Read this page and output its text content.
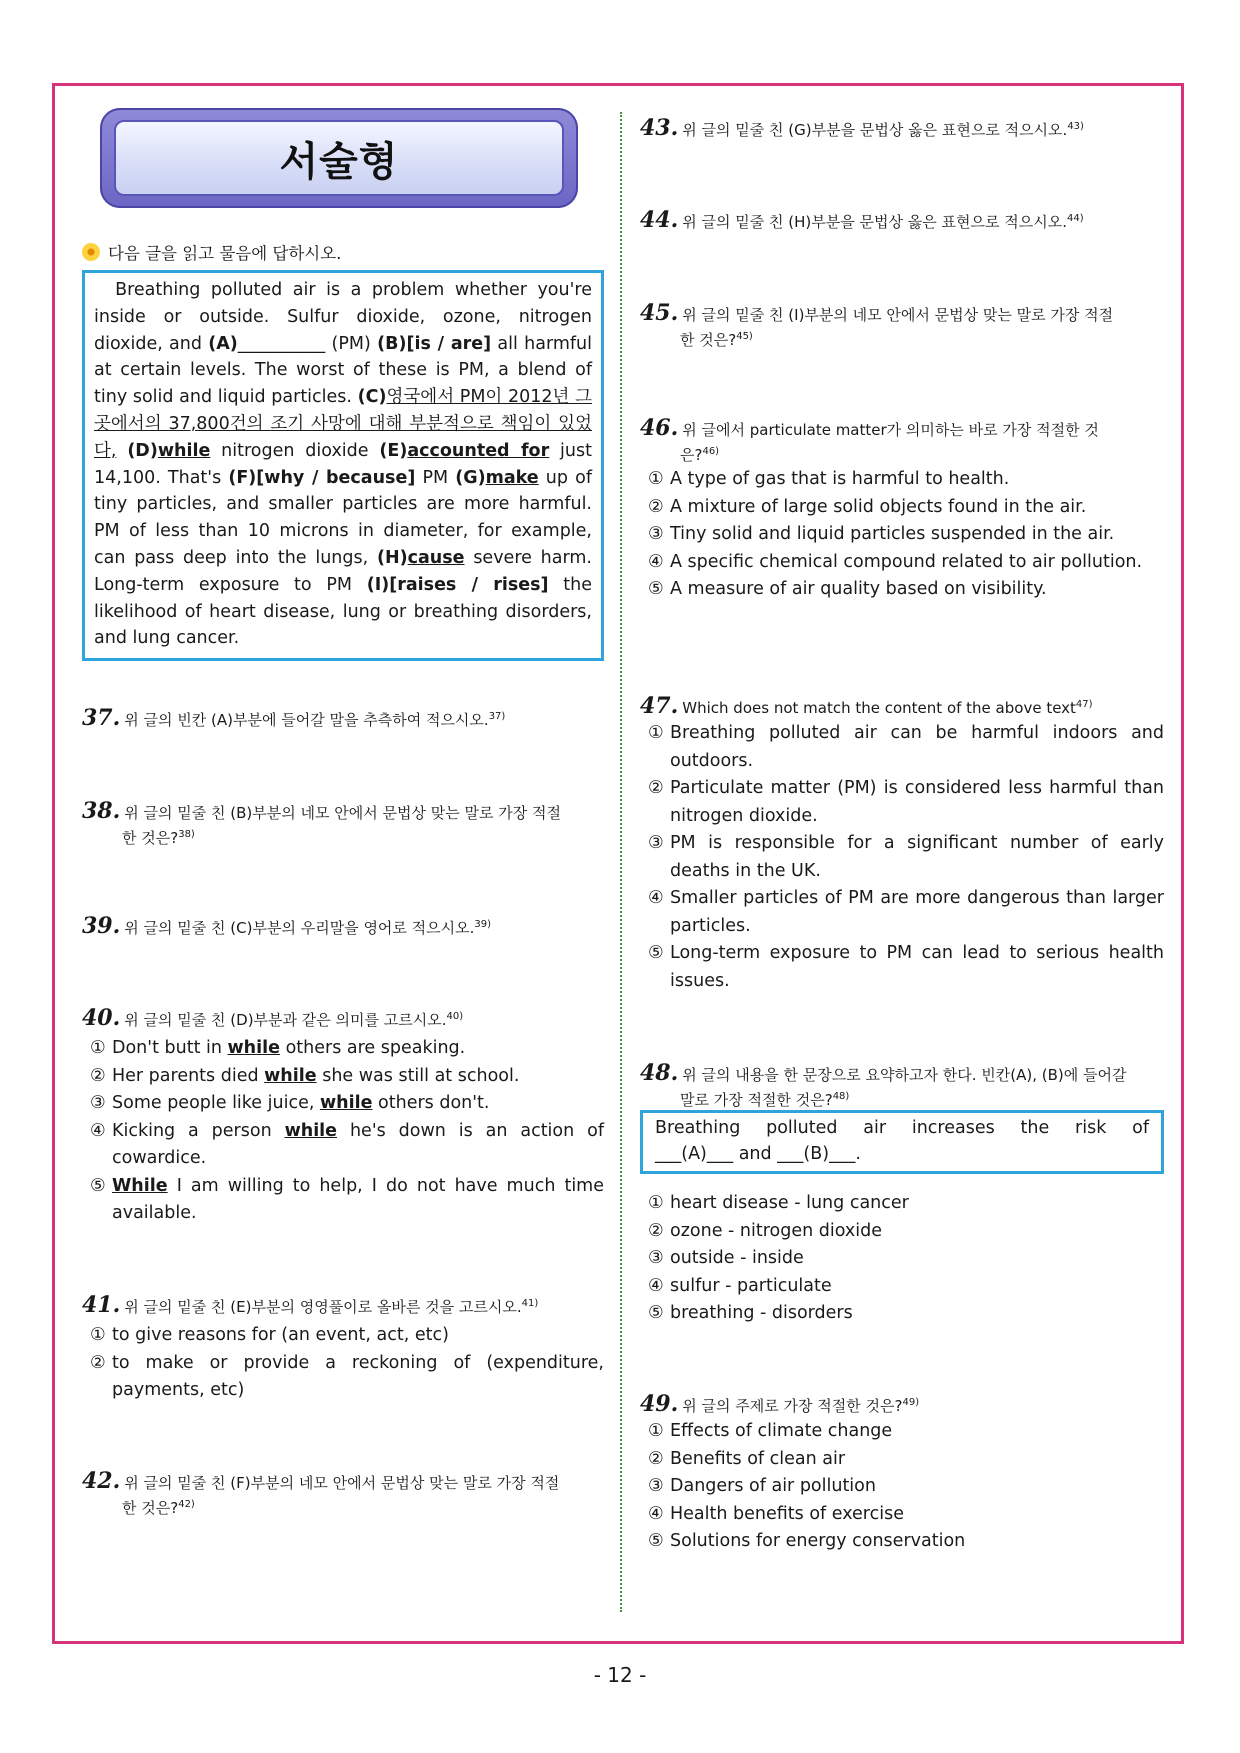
서술형
다음 글을 읽고 물음에 답하시오.
Breathing polluted air is a problem whether you're inside or outside. Sulfur dioxide, ozone, nitrogen dioxide, and (A)__________ (PM) (B)[is / are] all harmful at certain levels. The worst of these is PM, a blend of tiny solid and liquid particles. (C)영국에서 PM이 2012년 그곳에서의 37,800건의 조기 사망에 대해 부분적으로 책임이 있었다, (D)while nitrogen dioxide (E)accounted for just 14,100. That's (F)[why / because] PM (G)make up of tiny particles, and smaller particles are more harmful. PM of less than 10 microns in diameter, for example, can pass deep into the lungs, (H)cause severe harm. Long-term exposure to PM (I)[raises / rises] the likelihood of heart disease, lung or breathing disorders, and lung cancer.
37. 위 글의 빈칸 (A)부분에 들어갈 말을 추측하여 적으시오.$^{37)}$
38. 위 글의 밑줄 친 (B)부분의 네모 안에서 문법상 맞는 말로 가장 적절
한 것은?$^{38)}$
39. 위 글의 밑줄 친 (C)부분의 우리말을 영어로 적으시오.$^{39)}$
40. 위 글의 밑줄 친 (D)부분과 같은 의미를 고르시오.$^{40)}$
① Don't butt in while others are speaking.
② Her parents died while she was still at school.
③ Some people like juice, while others don't.
④ Kicking a person while he's down is an action of cowardice.
⑤ While I am willing to help, I do not have much time available.
41. 위 글의 밑줄 친 (E)부분의 영영풀이로 올바른 것을 고르시오.$^{41)}$
① to give reasons for (an event, act, etc)
② to make or provide a reckoning of (expenditure, payments, etc)
42. 위 글의 밑줄 친 (F)부분의 네모 안에서 문법상 맞는 말로 가장 적절
한 것은?$^{42)}$
43. 위 글의 밑줄 친 (G)부분을 문법상 옳은 표현으로 적으시오.$^{43)}$
44. 위 글의 밑줄 친 (H)부분을 문법상 옳은 표현으로 적으시오.$^{44)}$
45. 위 글의 밑줄 친 (I)부분의 네모 안에서 문법상 맞는 말로 가장 적절
한 것은?$^{45)}$
46. 위 글에서 particulate matter가 의미하는 바로 가장 적절한 것
은?$^{46)}$
① A type of gas that is harmful to health.
② A mixture of large solid objects found in the air.
③ Tiny solid and liquid particles suspended in the air.
④ A specific chemical compound related to air pollution.
⑤ A measure of air quality based on visibility.
47. Which does not match the content of the above text$^{47)}$
① Breathing polluted air can be harmful indoors and outdoors.
② Particulate matter (PM) is considered less harmful than nitrogen dioxide.
③ PM is responsible for a significant number of early deaths in the UK.
④ Smaller particles of PM are more dangerous than larger particles.
⑤ Long-term exposure to PM can lead to serious health issues.
48. 위 글의 내용을 한 문장으로 요약하고자 한다. 빈칸(A), (B)에 들어갈
말로 가장 적절한 것은?$^{48)}$
Breathing polluted air increases the risk of
___(A)___ and ___(B)___.
① heart disease - lung cancer
② ozone - nitrogen dioxide
③ outside - inside
④ sulfur - particulate
⑤ breathing - disorders
49. 위 글의 주제로 가장 적절한 것은?$^{49)}$
① Effects of climate change
② Benefits of clean air
③ Dangers of air pollution
④ Health benefits of exercise
⑤ Solutions for energy conservation
- 12 -
